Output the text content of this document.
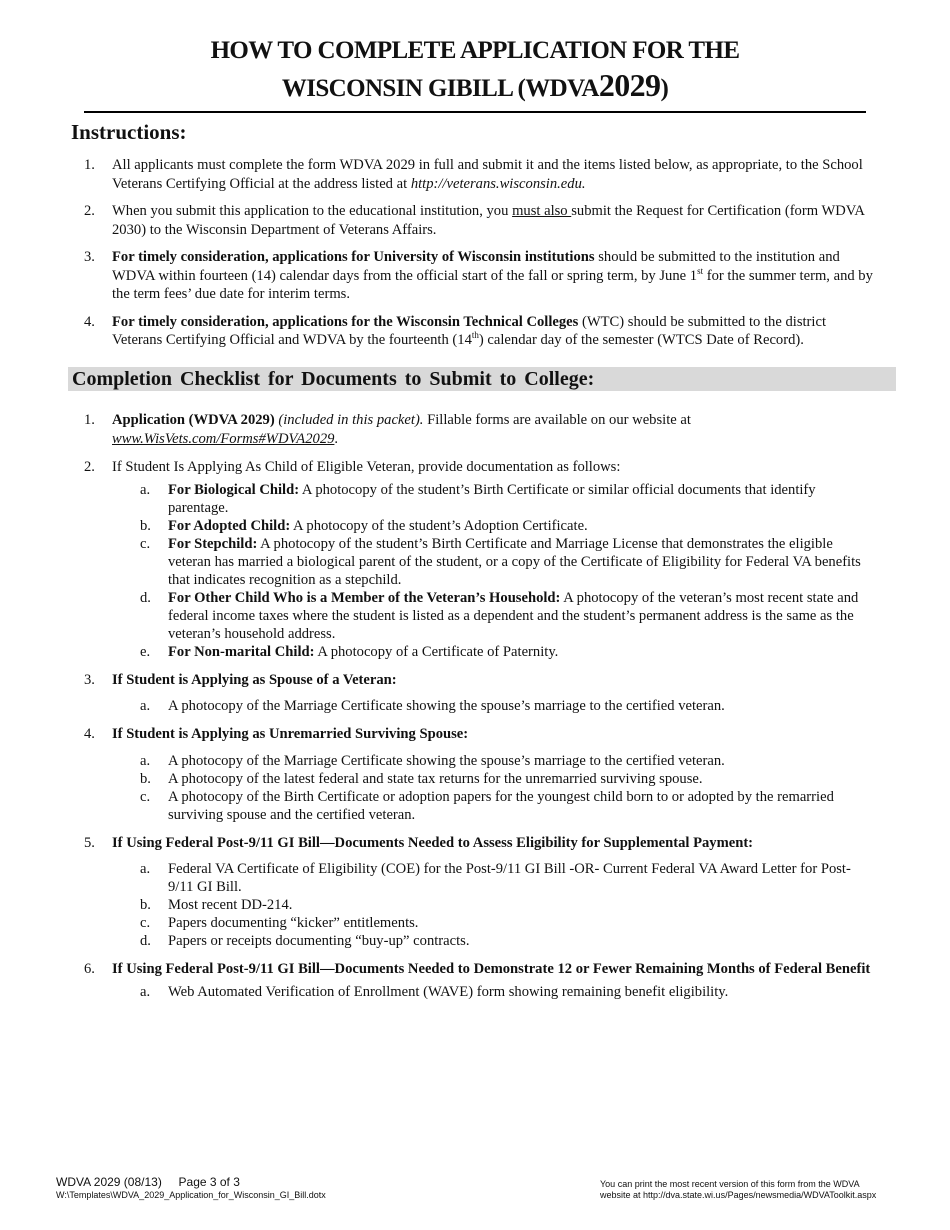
HOW TO COMPLETE APPLICATION FOR THE
WISCONSIN GIBILL (WDVA2029)
Instructions:
1. All applicants must complete the form WDVA 2029 in full and submit it and the items listed below, as appropriate, to the School Veterans Certifying Official at the address listed at http://veterans.wisconsin.edu.
2. When you submit this application to the educational institution, you must also submit the Request for Certification (form WDVA 2030) to the Wisconsin Department of Veterans Affairs.
3. For timely consideration, applications for University of Wisconsin institutions should be submitted to the institution and WDVA within fourteen (14) calendar days from the official start of the fall or spring term, by June 1st for the summer term, and by the term fees’ due date for interim terms.
4. For timely consideration, applications for the Wisconsin Technical Colleges (WTC) should be submitted to the district Veterans Certifying Official and WDVA by the fourteenth (14th) calendar day of the semester (WTCS Date of Record).
Completion Checklist for Documents to Submit to College:
1. Application (WDVA 2029) (included in this packet). Fillable forms are available on our website at www.WisVets.com/Forms#WDVA2029.
2. If Student Is Applying As Child of Eligible Veteran, provide documentation as follows:
a. For Biological Child: A photocopy of the student’s Birth Certificate or similar official documents that identify parentage.
b. For Adopted Child: A photocopy of the student’s Adoption Certificate.
c. For Stepchild: A photocopy of the student’s Birth Certificate and Marriage License that demonstrates the eligible veteran has married a biological parent of the student, or a copy of the Certificate of Eligibility for Federal VA benefits that indicates recognition as a stepchild.
d. For Other Child Who is a Member of the Veteran’s Household: A photocopy of the veteran’s most recent state and federal income taxes where the student is listed as a dependent and the student’s permanent address is the same as the veteran’s household address.
e. For Non-marital Child: A photocopy of a Certificate of Paternity.
3. If Student is Applying as Spouse of a Veteran:
a. A photocopy of the Marriage Certificate showing the spouse’s marriage to the certified veteran.
4. If Student is Applying as Unremarried Surviving Spouse:
a. A photocopy of the Marriage Certificate showing the spouse’s marriage to the certified veteran.
b. A photocopy of the latest federal and state tax returns for the unremarried surviving spouse.
c. A photocopy of the Birth Certificate or adoption papers for the youngest child born to or adopted by the remarried surviving spouse and the certified veteran.
5. If Using Federal Post-9/11 GI Bill—Documents Needed to Assess Eligibility for Supplemental Payment:
a. Federal VA Certificate of Eligibility (COE) for the Post-9/11 GI Bill -OR- Current Federal VA Award Letter for Post-9/11 GI Bill.
b. Most recent DD-214.
c. Papers documenting “kicker” entitlements.
d. Papers or receipts documenting “buy-up” contracts.
6. If Using Federal Post-9/11 GI Bill—Documents Needed to Demonstrate 12 or Fewer Remaining Months of Federal Benefit
a. Web Automated Verification of Enrollment (WAVE) form showing remaining benefit eligibility.
WDVA 2029 (08/13) Page 3 of 3
W:\Templates\WDVA_2029_Application_for_Wisconsin_GI_Bill.dotx
You can print the most recent version of this form from the WDVA
website at http://dva.state.wi.us/Pages/newsmedia/WDVAToolkit.aspx
